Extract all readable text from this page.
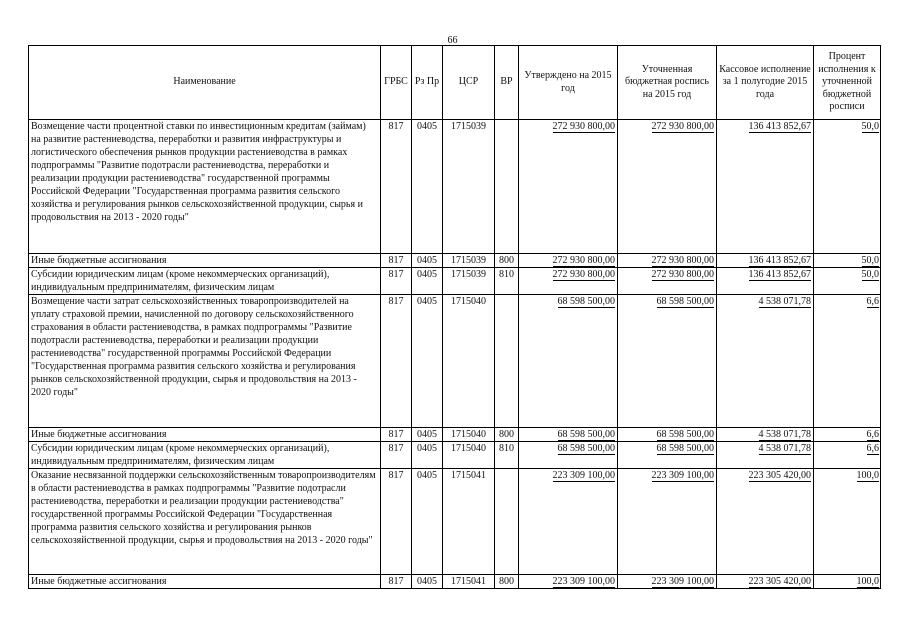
66
Наименование	ГРБС	Рз Пр	ЦСР	ВР	Утверждено на 2015 год	Уточненная бюджетная роспись на 2015 год	Кассовое исполнение за 1 полугодие 2015 года	Процент исполнения к уточненной бюджетной росписи
Возмещение части процентной ставки по инвестиционным кредитам (займам) на развитие растениеводства, переработки и развития инфраструктуры и логистического обеспечения рынков продукции растениеводства в рамках подпрограммы "Развитие подотрасли растениеводства, переработки и реализации продукции растениеводства" государственной программы Российской Федерации "Государственная программа развития сельского хозяйства и регулирования рынков сельскохозяйственной продукции, сырья и продовольствия на 2013 - 2020 годы"	817	0405	1715039		272 930 800,00	272 930 800,00	136 413 852,67	50,0
Иные бюджетные ассигнования	817	0405	1715039	800	272 930 800,00	272 930 800,00	136 413 852,67	50,0
Субсидии юридическим лицам (кроме некоммерческих организаций), индивидуальным предпринимателям, физическим лицам	817	0405	1715039	810	272 930 800,00	272 930 800,00	136 413 852,67	50,0
Возмещение части затрат сельскохозяйственных товаропроизводителей на уплату страховой премии, начисленной по договору сельскохозяйственного страхования в области растениеводства, в рамках подпрограммы "Развитие подотрасли растениеводства, переработки и реализации продукции растениеводства" государственной программы Российской Федерации "Государственная программа развития сельского хозяйства и регулирования рынков сельскохозяйственной продукции, сырья и продовольствия на 2013 - 2020 годы"	817	0405	1715040		68 598 500,00	68 598 500,00	4 538 071,78	6,6
Иные бюджетные ассигнования	817	0405	1715040	800	68 598 500,00	68 598 500,00	4 538 071,78	6,6
Субсидии юридическим лицам (кроме некоммерческих организаций), индивидуальным предпринимателям, физическим лицам	817	0405	1715040	810	68 598 500,00	68 598 500,00	4 538 071,78	6,6
Оказание несвязанной поддержки сельскохозяйственным товаропроизводителям в области растениеводства в рамках подпрограммы "Развитие подотрасли растениеводства, переработки и реализации продукции растениеводства" государственной программы Российской Федерации "Государственная программа развития сельского хозяйства и регулирования рынков сельскохозяйственной продукции, сырья и продовольствия на 2013 - 2020 годы"	817	0405	1715041		223 309 100,00	223 309 100,00	223 305 420,00	100,0
Иные бюджетные ассигнования	817	0405	1715041	800	223 309 100,00	223 309 100,00	223 305 420,00	100,0
